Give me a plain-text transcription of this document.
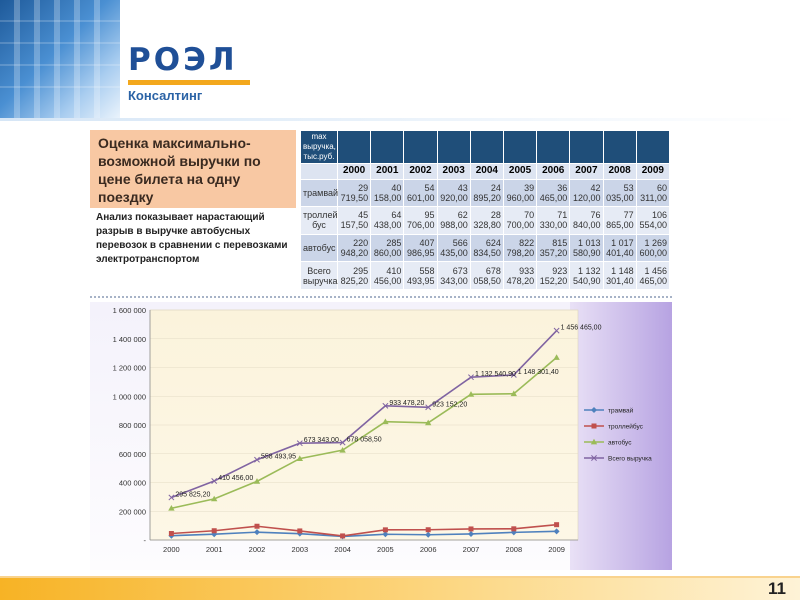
РОЭЛ
Консалтинг
Оценка максимально-возможной выручки по цене билета на одну поездку
Анализ показывает нарастающий разрыв в выручке автобусных перевозок в сравнении с перевозками электротранспортом
max выручка, тыс.руб.										
	2000	2001	2002	2003	2004	2005	2006	2007	2008	2009
трамвай	29 719,50	40 158,00	54 601,00	43 920,00	24 895,20	39 960,00	36 465,00	42 120,00	53 035,00	60 311,00
троллей бус	45 157,50	64 438,00	95 706,00	62 988,00	28 328,80	70 700,00	71 330,00	76 840,00	77 865,00	106 554,00
автобус	220 948,20	285 860,00	407 986,95	566 435,00	624 834,50	822 798,20	815 357,20	1 013 580,90	1 017 401,40	1 269 600,00
Всего выручка	295 825,20	410 456,00	558 493,95	673 343,00	678 058,50	933 478,20	923 152,20	1 132 540,90	1 148 301,40	1 456 465,00
-
200 000
400 000
600 000
800 000
1 000 000
1 200 000
1 400 000
1 600 000
2000	2001	2002	2003	2004	2005	2006	2007	2008	2009
295 825,20
410 456,00
558 493,95
673 343,00 678 058,50
933 478,20 923 152,20
1 132 540,90 1 148 301,40
1 456 465,00
трамвай
троллейбус
автобус
Всего выручка
11
